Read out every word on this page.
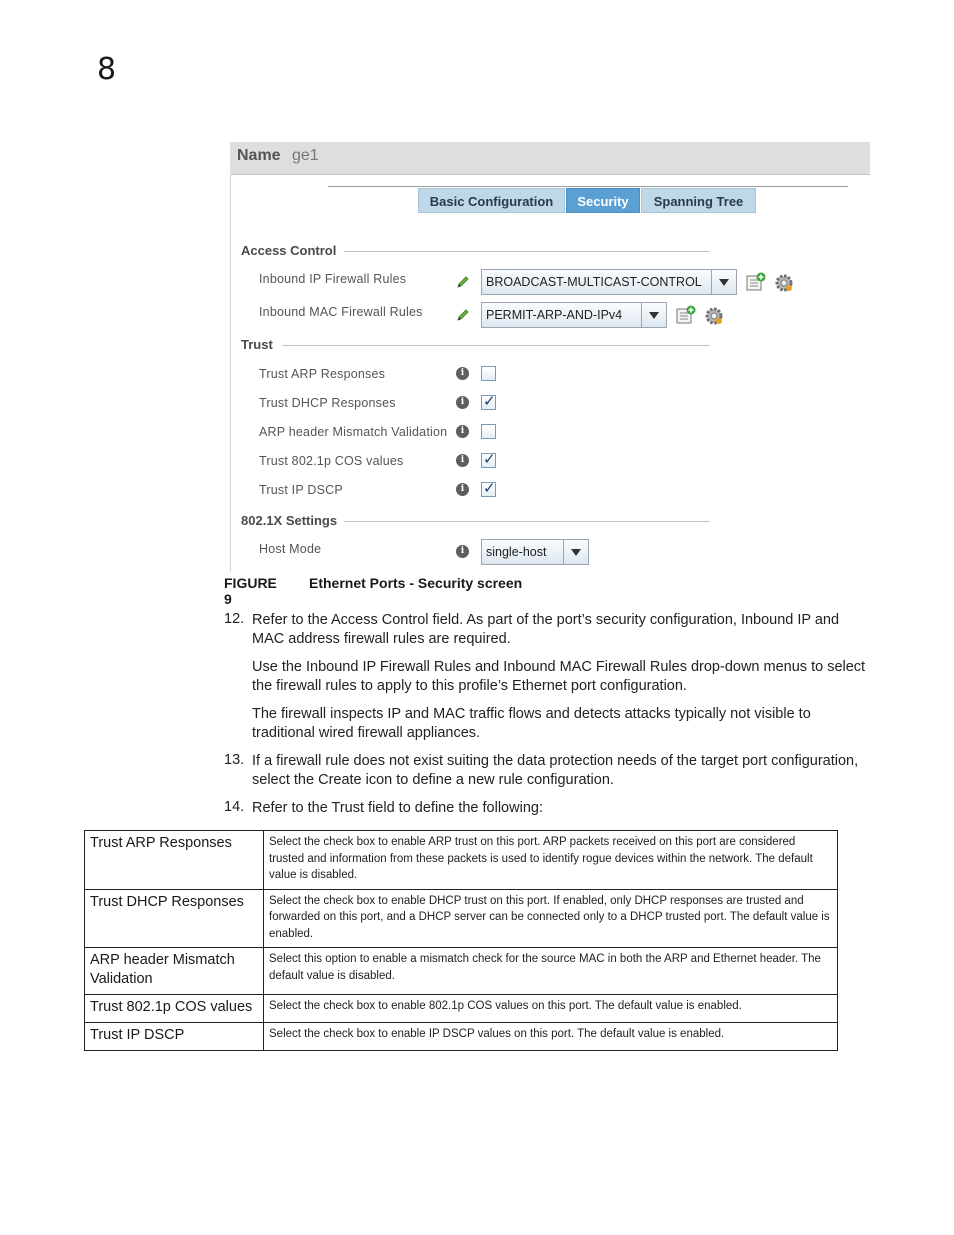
8
Name ge1
Basic Configuration	Security	Spanning Tree
Access Control
Inbound IP Firewall Rules	BROADCAST-MULTICAST-CONTROL
Inbound MAC Firewall Rules	PERMIT-ARP-AND-IPv4
Trust
Trust ARP Responses	i
Trust DHCP Responses	i	✓
ARP header Mismatch Validation	i
Trust 802.1p COS values	i	✓
Trust IP DSCP	i	✓
802.1X Settings
Host Mode	i	single-host
FIGURE 9
Ethernet Ports - Security screen
12. Refer to the Access Control field. As part of the port’s security configuration, Inbound IP and MAC address firewall rules are required.
Use the Inbound IP Firewall Rules and Inbound MAC Firewall Rules drop-down menus to select the firewall rules to apply to this profile’s Ethernet port configuration.
The firewall inspects IP and MAC traffic flows and detects attacks typically not visible to traditional wired firewall appliances.
13. If a firewall rule does not exist suiting the data protection needs of the target port configuration, select the Create icon to define a new rule configuration.
14. Refer to the Trust field to define the following:
Trust ARP Responses	Select the check box to enable ARP trust on this port. ARP packets received on this port are considered trusted and information from these packets is used to identify rogue devices within the network. The default value is disabled.
Trust DHCP Responses	Select the check box to enable DHCP trust on this port. If enabled, only DHCP responses are trusted and forwarded on this port, and a DHCP server can be connected only to a DHCP trusted port. The default value is enabled.
ARP header Mismatch Validation	Select this option to enable a mismatch check for the source MAC in both the ARP and Ethernet header. The default value is disabled.
Trust 802.1p COS values	Select the check box to enable 802.1p COS values on this port. The default value is enabled.
Trust IP DSCP	Select the check box to enable IP DSCP values on this port. The default value is enabled.
